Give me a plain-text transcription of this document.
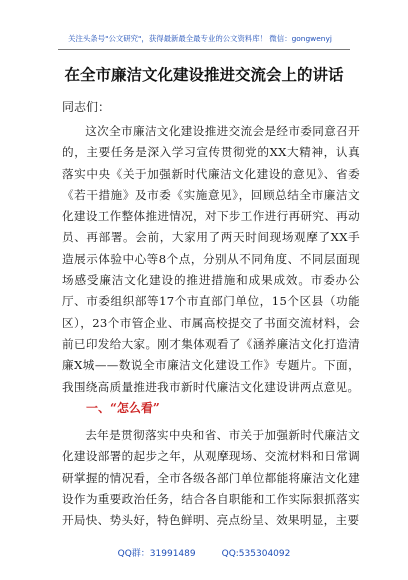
关注头条号"公文研究"，获得最新最全最专业的公文资料库！ 微信：gongwenyj
在全市廉洁文化建设推进交流会上的讲话
同志们：

这次全市廉洁文化建设推进交流会是经市委同意召开的，主要任务是深入学习宣传贯彻党的XX大精神，认真落实中央《关于加强新时代廉洁文化建设的意见》、省委《若干措施》及市委《实施意见》，回顾总结全市廉洁文化建设工作整体推进情况，对下步工作进行再研究、再动员、再部署。会前，大家用了两天时间现场观摩了XX手造展示体验中心等8个点，分别从不同角度、不同层面现场感受廉洁文化建设的推进措施和成果成效。市委办公厅、市委组织部等17个市直部门单位，15个区县（功能区），23个市管企业、市属高校提交了书面交流材料，会前已印发给大家。刚才集体观看了《涵养廉洁文化打造清廉X城——数说全市廉洁文化建设工作》专题片。下面，我围绕高质量推进我市新时代廉洁文化建设讲两点意见。

一、“怎么看”

去年是贯彻落实中央和省、市关于加强新时代廉洁文化建设部署的起步之年，从观摩现场、交流材料和日常调研掌握的情况看，全市各级各部门单位都能将廉洁文化建设作为重要政治任务，结合各自职能和工作实际狠抓落实开局快、势头好，特色鲜明、亮点纷呈、效果明显，主要

QQ群：31991489	QQ:535304092
